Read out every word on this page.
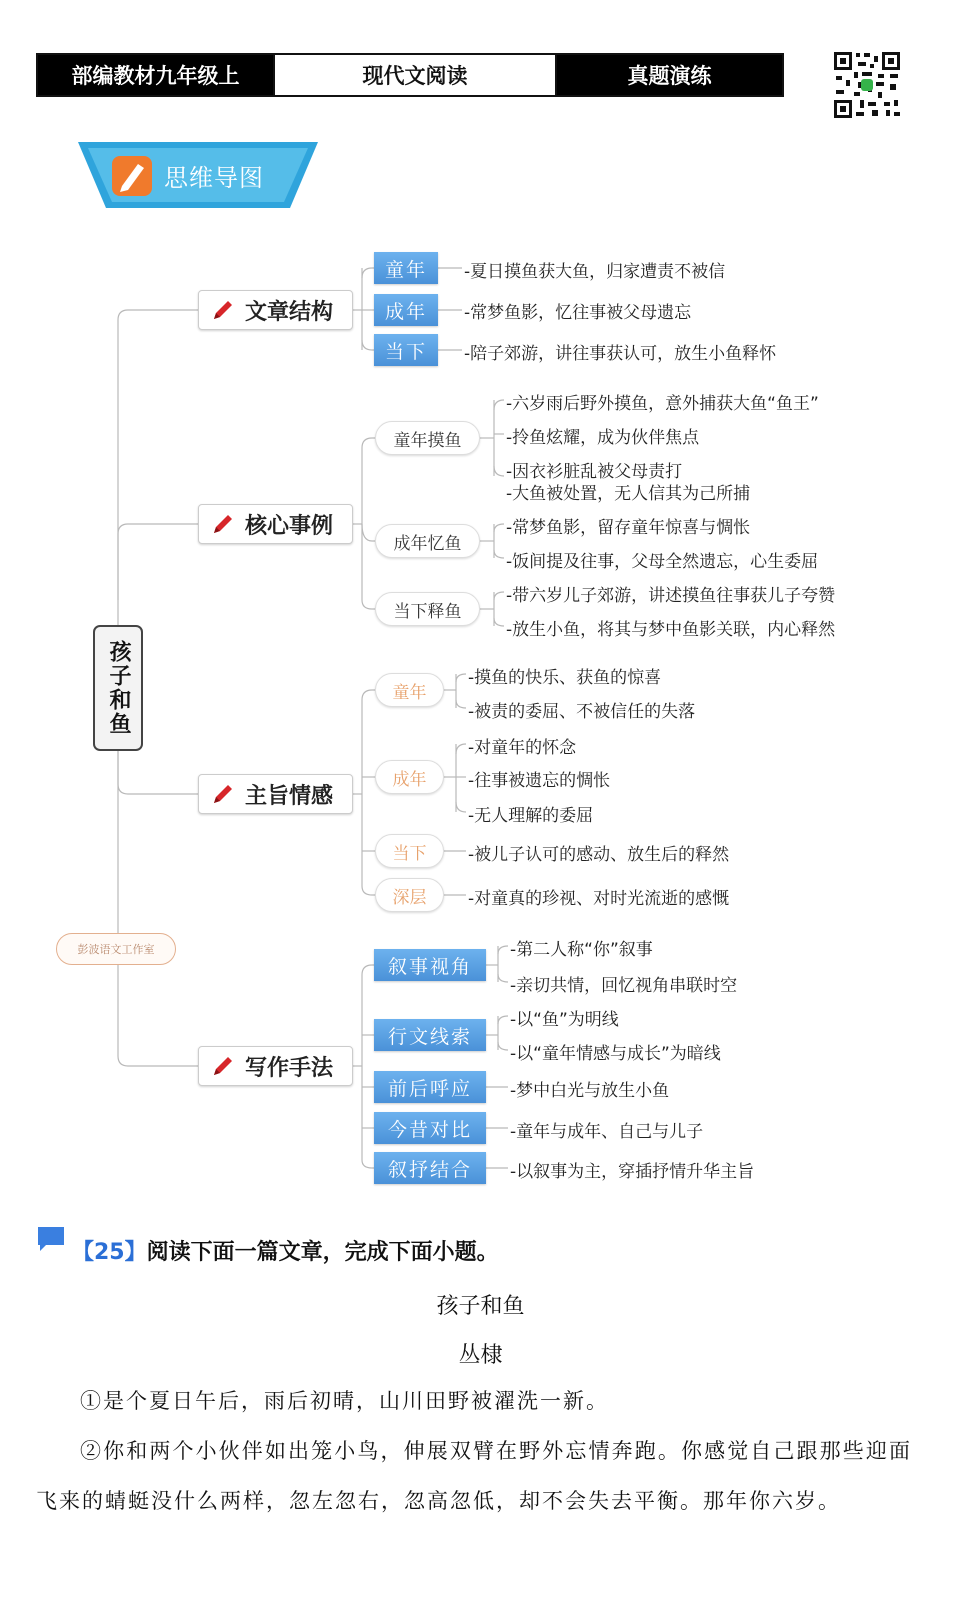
部编教材九年级上	现代文阅读	真题演练
思维导图
孩子和鱼
彭波语文工作室
文章结构
核心事例
主旨情感
写作手法
童年
成年
当下
-夏日摸鱼获大鱼，归家遭责不被信
-常梦鱼影，忆往事被父母遗忘
-陪子郊游，讲往事获认可，放生小鱼释怀
童年摸鱼
成年忆鱼
当下释鱼
-六岁雨后野外摸鱼，意外捕获大鱼“鱼王”
-拎鱼炫耀，成为伙伴焦点
-因衣衫脏乱被父母责打
-大鱼被处置，无人信其为己所捕
-常梦鱼影，留存童年惊喜与惆怅
-饭间提及往事，父母全然遗忘，心生委屈
-带六岁儿子郊游，讲述摸鱼往事获儿子夸赞
-放生小鱼，将其与梦中鱼影关联，内心释然
童年
成年
当下
深层
-摸鱼的快乐、获鱼的惊喜
-被责的委屈、不被信任的失落
-对童年的怀念
-往事被遗忘的惆怅
-无人理解的委屈
-被儿子认可的感动、放生后的释然
-对童真的珍视、对时光流逝的感慨
叙事视角
行文线索
前后呼应
今昔对比
叙抒结合
-第二人称“你”叙事
-亲切共情，回忆视角串联时空
-以“鱼”为明线
-以“童年情感与成长”为暗线
-梦中白光与放生小鱼
-童年与成年、自己与儿子
-以叙事为主，穿插抒情升华主旨
【25】阅读下面一篇文章，完成下面小题。
孩子和鱼
丛棣
①是个夏日午后，雨后初晴，山川田野被濯洗一新。
②你和两个小伙伴如出笼小鸟，伸展双臂在野外忘情奔跑。你感觉自己跟那些迎面飞来的蜻蜓没什么两样，忽左忽右，忽高忽低，却不会失去平衡。那年你六岁。
